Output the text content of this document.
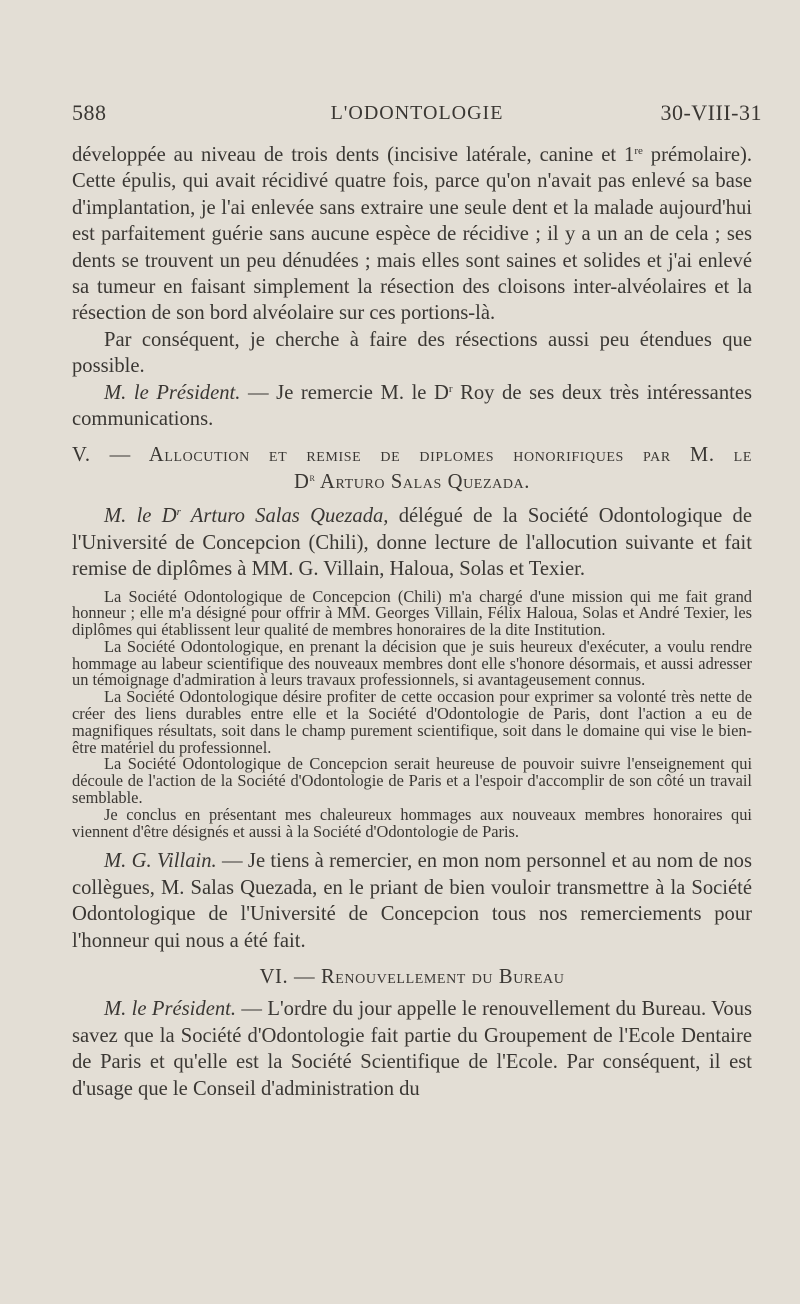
588	L'ODONTOLOGIE	30-VIII-31

développée au niveau de trois dents (incisive latérale, canine et 1re prémolaire). Cette épulis, qui avait récidivé quatre fois, parce qu'on n'avait pas enlevé sa base d'implantation, je l'ai enlevée sans extraire une seule dent et la malade aujourd'hui est parfaitement guérie sans aucune espèce de récidive ; il y a un an de cela ; ses dents se trouvent un peu dénudées ; mais elles sont saines et solides et j'ai enlevé sa tumeur en faisant simplement la résection des cloisons inter-alvéolaires et la résection de son bord alvéolaire sur ces portions-là.

Par conséquent, je cherche à faire des résections aussi peu étendues que possible.

M. le Président. — Je remercie M. le $D^r$ Roy de ses deux très intéressantes communications.

V. — Allocution et remise de diplomes honorifiques par M. le
$D^r$ Arturo Salas Quezada.

M. le $D^r$ Arturo Salas Quezada, délégué de la Société Odontologique de l'Université de Concepcion (Chili), donne lecture de l'allocution suivante et fait remise de diplômes à MM. G. Villain, Haloua, Solas et Texier.

La Société Odontologique de Concepcion (Chili) m'a chargé d'une mission qui me fait grand honneur ; elle m'a désigné pour offrir à MM. Georges Villain, Félix Haloua, Solas et André Texier, les diplômes qui établissent leur qualité de membres honoraires de la dite Institution.

La Société Odontologique, en prenant la décision que je suis heureux d'exécuter, a voulu rendre hommage au labeur scientifique des nouveaux membres dont elle s'honore désormais, et aussi adresser un témoignage d'admiration à leurs travaux professionnels, si avantageusement connus.

La Société Odontologique désire profiter de cette occasion pour exprimer sa volonté très nette de créer des liens durables entre elle et la Société d'Odontologie de Paris, dont l'action a eu de magnifiques résultats, soit dans le champ purement scientifique, soit dans le domaine qui vise le bien-être matériel du professionnel.

La Société Odontologique de Concepcion serait heureuse de pouvoir suivre l'enseignement qui découle de l'action de la Société d'Odontologie de Paris et a l'espoir d'accomplir de son côté un travail semblable.

Je conclus en présentant mes chaleureux hommages aux nouveaux membres honoraires qui viennent d'être désignés et aussi à la Société d'Odontologie de Paris.

M. G. Villain. — Je tiens à remercier, en mon nom personnel et au nom de nos collègues, M. Salas Quezada, en le priant de bien vouloir transmettre à la Société Odontologique de l'Université de Concepcion tous nos remerciements pour l'honneur qui nous a été fait.

VI. — Renouvellement du Bureau

M. le Président. — L'ordre du jour appelle le renouvellement du Bureau. Vous savez que la Société d'Odontologie fait partie du Groupement de l'Ecole Dentaire de Paris et qu'elle est la Société Scientifique de l'Ecole. Par conséquent, il est d'usage que le Conseil d'administration du
